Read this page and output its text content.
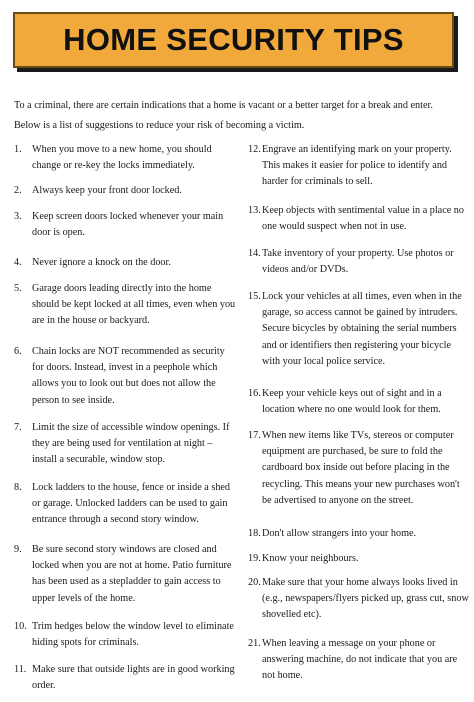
HOME SECURITY TIPS

To a criminal, there are certain indications that a home is vacant or a better target for a break and enter.

Below is a list of suggestions to reduce your risk of becoming a victim.

1.	When you move to a new home, you should change or re-key the locks immediately.
2.	Always keep your front door locked.
3.	Keep screen doors locked whenever your main door is open.
4.	Never ignore a knock on the door.
5.	Garage doors leading directly into the home should be kept locked at all times, even when you are in the house or backyard.
6.	Chain locks are NOT recommended as security for doors. Instead, invest in a peephole which allows you to look out but does not allow the person to see inside.
7.	Limit the size of accessible window openings. If they are being used for ventilation at night – install a securable, window stop.
8.	Lock ladders to the house, fence or inside a shed or garage. Unlocked ladders can be used to gain entrance through a second story window.
9.	Be sure second story windows are closed and locked when you are not at home. Patio furniture has been used as a stepladder to gain access to upper levels of the home.
10. Trim hedges below the window level to eliminate hiding spots for criminals.
11. Make sure that outside lights are in good working order.
12. Engrave an identifying mark on your property. This makes it easier for police to identify and harder for criminals to sell.
13. Keep objects with sentimental value in a place no one would suspect when not in use.
14. Take inventory of your property. Use photos or videos and/or DVDs.
15. Lock your vehicles at all times, even when in the garage, so access cannot be gained by intruders. Secure bicycles by obtaining the serial numbers and or identifiers then registering your bicycle with your local police service.
16. Keep your vehicle keys out of sight and in a location where no one would look for them.
17. When new items like TVs, stereos or computer equipment are purchased, be sure to fold the cardboard box inside out before placing in the recycling. This means your new purchases won't be advertised to anyone on the street.
18. Don't allow strangers into your home.
19. Know your neighbours.
20. Make sure that your home always looks lived in (e.g., newspapers/flyers picked up, grass cut, snow shovelled etc).
21. When leaving a message on your phone or answering machine, do not indicate that you are not home.
